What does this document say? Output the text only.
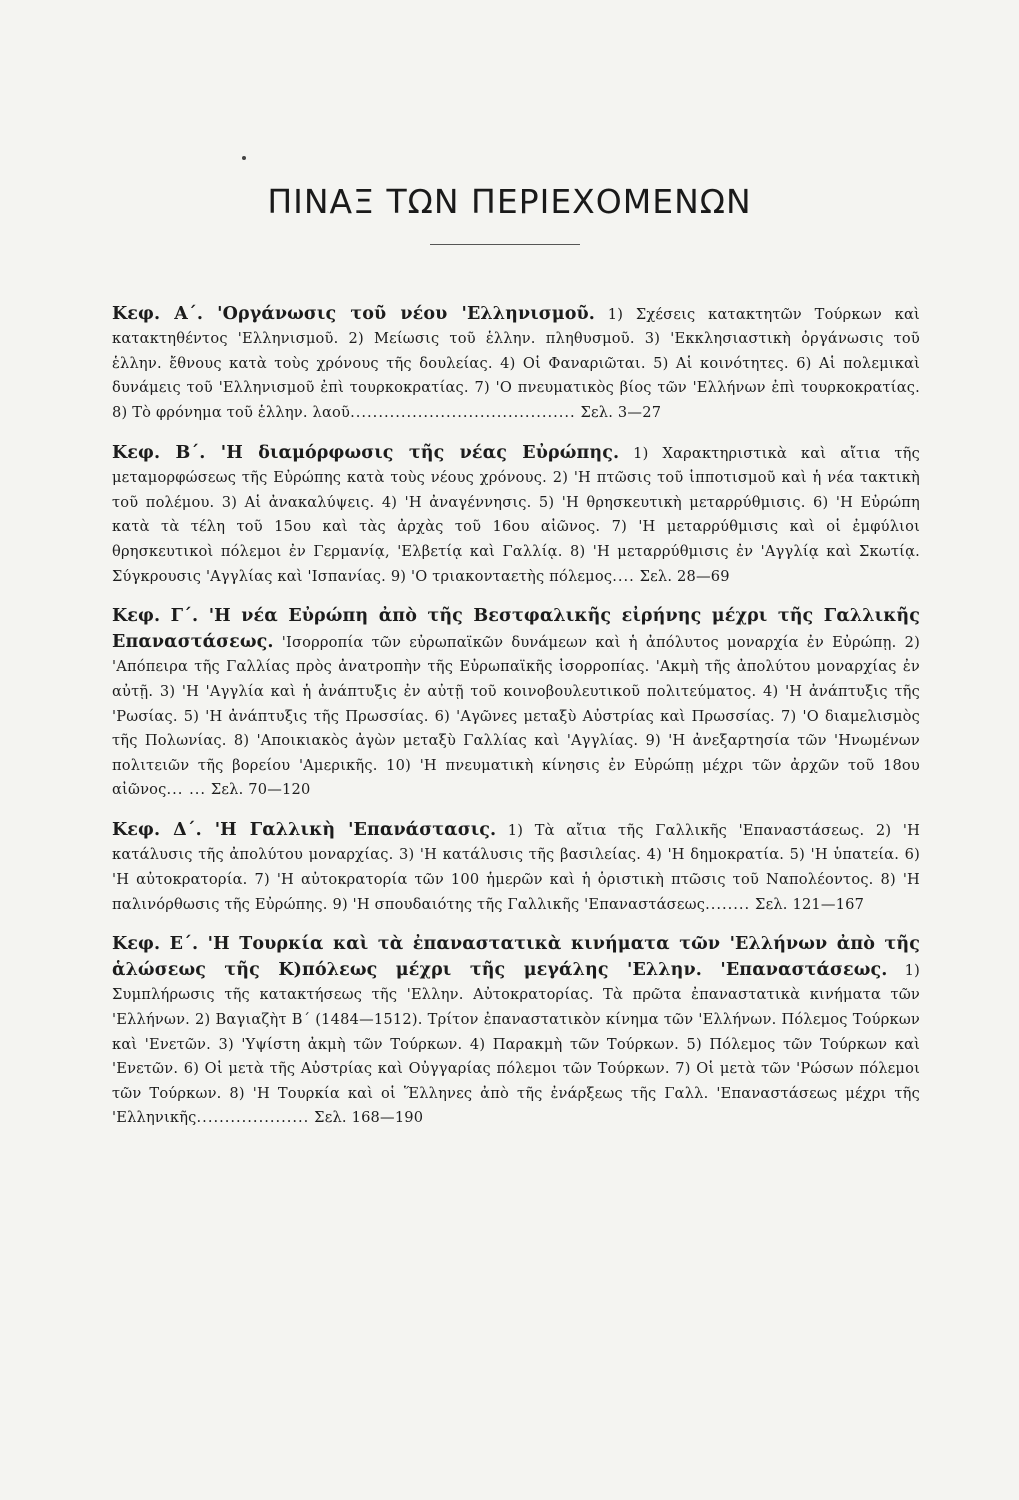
ΠΙΝΑΞ ΤΩΝ ΠΕΡΙΕΧΟΜΕΝΩΝ

Κεφ. Α΄. 'Οργάνωσις τοῦ νέου 'Ελληνισμοῦ. 1) Σχέσεις κατακτητῶν Τούρκων καὶ κατακτηθέντος 'Ελληνισμοῦ. 2) Μείωσις τοῦ ἑλλην. πληθυσμοῦ. 3) 'Εκκλησιαστικὴ ὀργάνωσις τοῦ ἑλλην. ἔθνους κατὰ τοὺς χρόνους τῆς δουλείας. 4) Οἱ Φαναριῶται. 5) Αἱ κοινότητες. 6) Αἱ πολεμικαὶ δυνάμεις τοῦ 'Ελληνισμοῦ ἐπὶ τουρκοκρατίας. 7) 'Ο πνευματικὸς βίος τῶν 'Ελλήνων ἐπὶ τουρκοκρατίας. 8) Τὸ φρόνημα τοῦ ἑλλην. λαοῦ........................................ Σελ. 3—27

Κεφ. Β΄. 'Η διαμόρφωσις τῆς νέας Εὐρώπης. 1) Χαρακτηριστικὰ καὶ αἴτια τῆς μεταμορφώσεως τῆς Εὐρώπης κατὰ τοὺς νέους χρόνους. 2) 'Η πτῶσις τοῦ ἱπποτισμοῦ καὶ ἡ νέα τακτικὴ τοῦ πολέμου. 3) Αἱ ἀνακαλύψεις. 4) 'Η ἀναγέννησις. 5) 'Η θρησκευτικὴ μεταρρύθμισις. 6) 'Η Εὐρώπη κατὰ τὰ τέλη τοῦ 15ου καὶ τὰς ἀρχὰς τοῦ 16ου αἰῶνος. 7) 'Η μεταρρύθμισις καὶ οἱ ἐμφύλιοι θρησκευτικοὶ πόλεμοι ἐν Γερμανίᾳ, 'Ελβετίᾳ καὶ Γαλλίᾳ. 8) 'Η μεταρρύθμισις ἐν 'Αγγλίᾳ καὶ Σκωτίᾳ. Σύγκρουσις 'Αγγλίας καὶ 'Ισπανίας. 9) 'Ο τριακονταετὴς πόλεμος.... Σελ. 28—69

Κεφ. Γ΄. 'Η νέα Εὐρώπη ἀπὸ τῆς Βεστφαλικῆς εἰρήνης μέχρι τῆς Γαλλικῆς Επαναστάσεως. 'Ισορροπία τῶν εὐρωπαϊκῶν δυνάμεων καὶ ἡ ἀπόλυτος μοναρχία ἐν Εὐρώπῃ. 2) 'Απόπειρα τῆς Γαλλίας πρὸς ἀνατροπὴν τῆς Εὐρωπαϊκῆς ἰσορροπίας. 'Ακμὴ τῆς ἀπολύτου μοναρχίας ἐν αὐτῇ. 3) 'Η 'Αγγλία καὶ ἡ ἀνάπτυξις ἐν αὐτῇ τοῦ κοινοβουλευτικοῦ πολιτεύματος. 4) 'Η ἀνάπτυξις τῆς 'Ρωσίας. 5) 'Η ἀνάπτυξις τῆς Πρωσσίας. 6) 'Αγῶνες μεταξὺ Αὐστρίας καὶ Πρωσσίας. 7) 'Ο διαμελισμὸς τῆς Πολωνίας. 8) 'Αποικιακὸς ἀγὼν μεταξὺ Γαλλίας καὶ 'Αγγλίας. 9) 'Η ἀνεξαρτησία τῶν 'Ηνωμένων πολιτειῶν τῆς βορείου 'Αμερικῆς. 10) 'Η πνευματικὴ κίνησις ἐν Εὐρώπῃ μέχρι τῶν ἀρχῶν τοῦ 18ου αἰῶνος... ... Σελ. 70—120

Κεφ. Δ΄. 'Η Γαλλικὴ 'Επανάστασις. 1) Τὰ αἴτια τῆς Γαλλικῆς 'Επαναστάσεως. 2) 'Η κατάλυσις τῆς ἀπολύτου μοναρχίας. 3) 'Η κατάλυσις τῆς βασιλείας. 4) 'Η δημοκρατία. 5) 'Η ὑπατεία. 6) 'Η αὐτοκρατορία. 7) 'Η αὐτοκρατορία τῶν 100 ἡμερῶν καὶ ἡ ὁριστικὴ πτῶσις τοῦ Ναπολέοντος. 8) 'Η παλινόρθωσις τῆς Εὐρώπης. 9) 'Η σπουδαιότης τῆς Γαλλικῆς 'Επαναστάσεως........ Σελ. 121—167

Κεφ. Ε΄. 'Η Τουρκία καὶ τὰ ἐπαναστατικὰ κινήματα τῶν 'Ελλήνων ἀπὸ τῆς ἁλώσεως τῆς Κ)πόλεως μέχρι τῆς μεγάλης 'Ελλην. 'Επαναστάσεως. 1) Συμπλήρωσις τῆς κατακτήσεως τῆς 'Ελλην. Αὐτοκρατορίας. Τὰ πρῶτα ἐπαναστατικὰ κινήματα τῶν 'Ελλήνων. 2) Βαγιαζὴτ Β΄ (1484—1512). Τρίτον ἐπαναστατικὸν κίνημα τῶν 'Ελλήνων. Πόλεμος Τούρκων καὶ 'Ενετῶν. 3) 'Υψίστη ἀκμὴ τῶν Τούρκων. 4) Παρακμὴ τῶν Τούρκων. 5) Πόλεμος τῶν Τούρκων καὶ 'Ενετῶν. 6) Οἱ μετὰ τῆς Αὐστρίας καὶ Οὐγγαρίας πόλεμοι τῶν Τούρκων. 7) Οἱ μετὰ τῶν 'Ρώσων πόλεμοι τῶν Τούρκων. 8) 'Η Τουρκία καὶ οἱ Ἕλληνες ἀπὸ τῆς ἐνάρξεως τῆς Γαλλ. 'Επαναστάσεως μέχρι τῆς 'Ελληνικῆς.................... Σελ. 168—190
